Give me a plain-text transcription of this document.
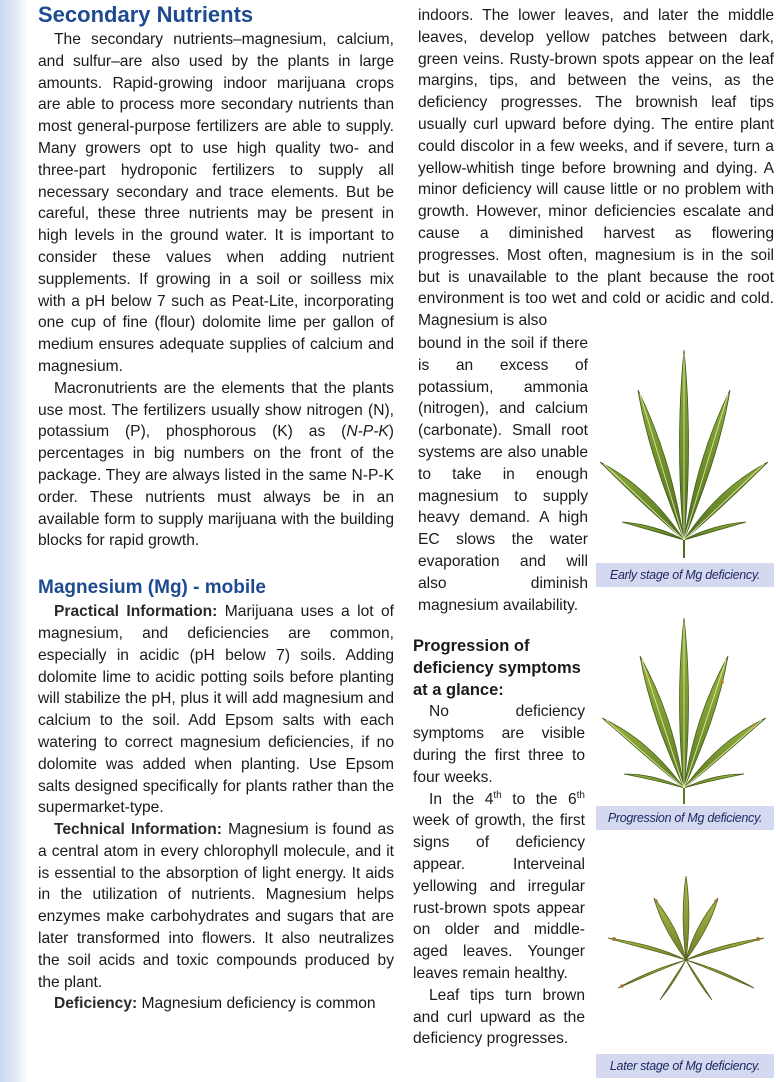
Secondary Nutrients

The secondary nutrients–magnesium, calcium, and sulfur–are also used by the plants in large amounts. Rapid-growing indoor marijuana crops are able to process more secondary nutrients than most general-purpose fertilizers are able to supply. Many growers opt to use high quality two- and three-part hydroponic fertilizers to supply all necessary secondary and trace elements. But be careful, these three nutrients may be present in high levels in the ground water. It is important to consider these values when adding nutrient supplements. If growing in a soil or soilless mix with a pH below 7 such as Peat-Lite, incorporating one cup of fine (flour) dolomite lime per gallon of medium ensures adequate supplies of calcium and magnesium.

Macronutrients are the elements that the plants use most. The fertilizers usually show nitrogen (N), potassium (P), phosphorous (K) as (N-P-K) percentages in big numbers on the front of the package. They are always listed in the same N-P-K order. These nutrients must always be in an available form to supply marijuana with the building blocks for rapid growth.

Magnesium (Mg) - mobile

Practical Information: Marijuana uses a lot of magnesium, and deficiencies are common, especially in acidic (pH below 7) soils. Adding dolomite lime to acidic potting soils before planting will stabilize the pH, plus it will add magnesium and calcium to the soil. Add Epsom salts with each watering to correct magnesium deficiencies, if no dolomite was added when planting. Use Epsom salts designed specifically for plants rather than the supermarket-type.

Technical Information: Magnesium is found as a central atom in every chlorophyll molecule, and it is essential to the absorption of light energy. It aids in the utilization of nutrients. Magnesium helps enzymes make carbohydrates and sugars that are later transformed into flowers. It also neutralizes the soil acids and toxic compounds produced by the plant.

Deficiency: Magnesium deficiency is common

indoors. The lower leaves, and later the middle leaves, develop yellow patches between dark, green veins. Rusty-brown spots appear on the leaf margins, tips, and between the veins, as the deficiency progresses. The brownish leaf tips usually curl upward before dying. The entire plant could discolor in a few weeks, and if severe, turn a yellow-whitish tinge before browning and dying. A minor deficiency will cause little or no problem with growth. However, minor deficiencies escalate and cause a diminished harvest as flowering progresses. Most often, magnesium is in the soil but is unavailable to the plant because the root environment is too wet and cold or acidic and cold. Magnesium is also

bound in the soil if there is an excess of potassium, ammonia (nitrogen), and calcium (carbonate). Small root systems are also unable to take in enough magnesium to supply heavy demand. A high EC slows the water evaporation and will also diminish magnesium availability.

Progression of deficiency symptoms at a glance:

No deficiency symptoms are visible during the first three to four weeks.

In the 4th to the 6th week of growth, the first signs of deficiency appear. Interveinal yellowing and irregular rust-brown spots appear on older and middle-aged leaves. Younger leaves remain healthy.

Leaf tips turn brown and curl upward as the deficiency progresses.

Early stage of Mg deficiency.
Progression of Mg deficiency.
Later stage of Mg deficiency.
